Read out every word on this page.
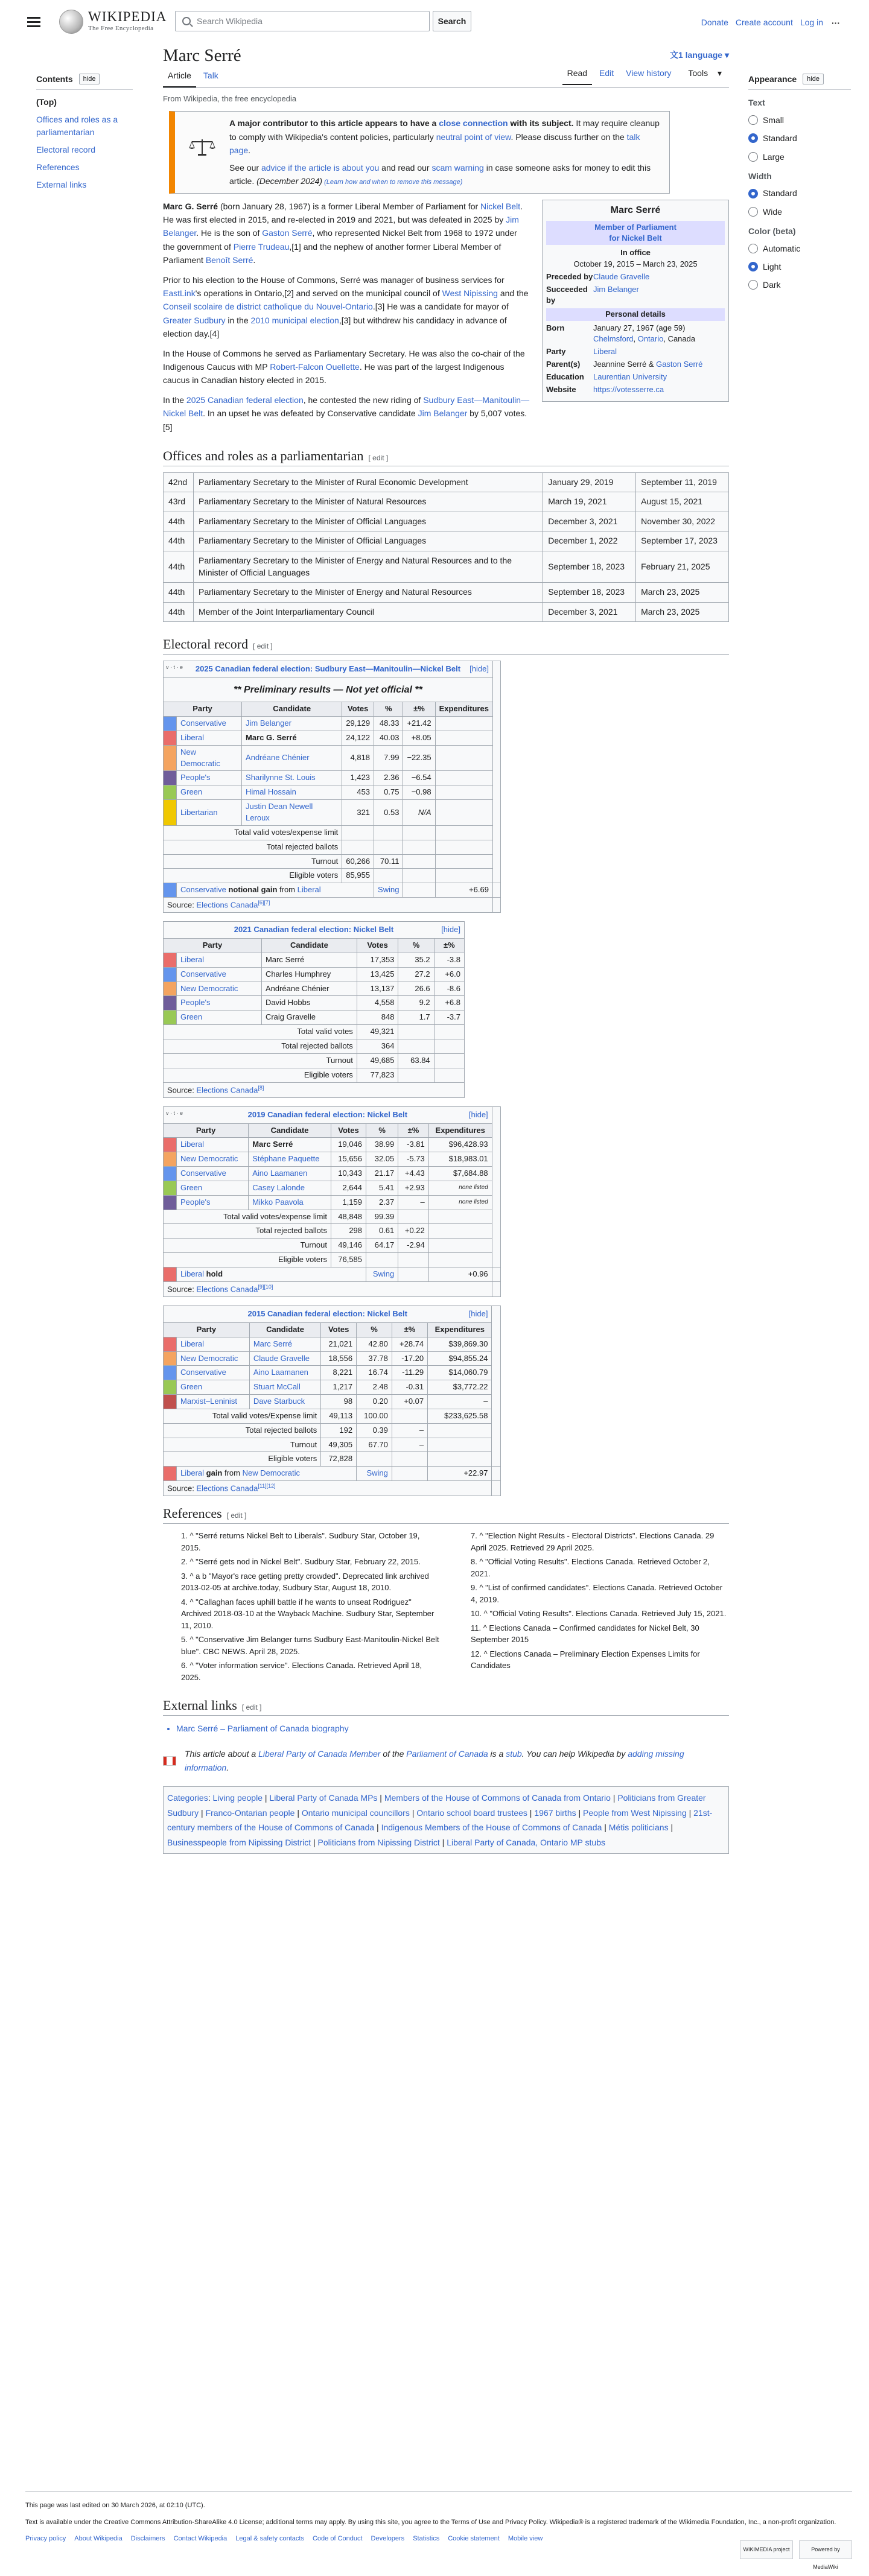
WIKIPEDIA
The Free Encyclopedia
Search Wikipedia	Search	Donate Create account Log in ···
Contents	hide
(Top)
Offices and roles as a parliamentarian
Electoral record
References
External links
Appearance	hide
Text
Small
Standard
Large
Width
Standard
Wide
Color (beta)
Automatic
Light
Dark
Marc Serré	文1 language ▾
Article Talk	Read Edit View history Tools ▾
From Wikipedia, the free encyclopedia
A major contributor to this article appears to have a close connection with its subject. It may require cleanup to comply with Wikipedia's content policies, particularly neutral point of view. Please discuss further on the talk page.
See our advice if the article is about you and read our scam warning in case someone asks for money to edit this article. (December 2024) (Learn how and when to remove this message)
Marc Serré
Member of Parliament
for Nickel Belt
In office
October 19, 2015 – March 23, 2025
Preceded by Claude Gravelle
Succeeded by
Jim Belanger
Personal details
Born	January 27, 1967 (age 59)
Chelmsford, Ontario, Canada
Party	Liberal
Parent(s)	Jeannine Serré & Gaston Serré
Education	Laurentian University
Website	https://votesserre.ca

Marc G. Serré (born January 28, 1967) is a former Liberal Member of Parliament for Nickel Belt. He was first elected in 2015, and re-elected in 2019 and 2021, but was defeated in 2025 by Jim Belanger. He is the son of Gaston Serré, who represented Nickel Belt from 1968 to 1972 under the government of Pierre Trudeau,[1] and the nephew of another former Liberal Member of Parliament Benoît Serré.

Prior to his election to the House of Commons, Serré was manager of business services for EastLink's operations in Ontario,[2] and served on the municipal council of West Nipissing and the Conseil scolaire de district catholique du Nouvel-Ontario.[3] He was a candidate for mayor of Greater Sudbury in the 2010 municipal election,[3] but withdrew his candidacy in advance of election day.[4]

In the House of Commons he served as Parliamentary Secretary. He was also the co-chair of the Indigenous Caucus with MP Robert-Falcon Ouellette. He was part of the largest Indigenous caucus in Canadian history elected in 2015.

In the 2025 Canadian federal election, he contested the new riding of Sudbury East—Manitoulin—Nickel Belt. In an upset he was defeated by Conservative candidate Jim Belanger by 5,007 votes.[5]

Offices and roles as a parliamentarian [ edit ]
42nd	Parliamentary Secretary to the Minister of Rural Economic Development	January 29, 2019	September 11, 2019
43rd	Parliamentary Secretary to the Minister of Natural Resources	March 19, 2021	August 15, 2021
44th	Parliamentary Secretary to the Minister of Official Languages	December 3, 2021	November 30, 2022
44th	Parliamentary Secretary to the Minister of Official Languages	December 1, 2022	September 17, 2023
44th	Parliamentary Secretary to the Minister of Energy and Natural Resources and to the Minister of Official Languages	September 18, 2023	February 21, 2025
44th	Parliamentary Secretary to the Minister of Energy and Natural Resources	September 18, 2023	March 23, 2025
44th	Member of the Joint Interparliamentary Council	December 3, 2021	March 23, 2025
Electoral record [ edit ]
v · t · e 2025 Canadian federal election: Sudbury East—Manitoulin—Nickel Belt [hide]							

** Preliminary results — Not yet official **							
Party		Candidate	Votes	%	±%	Expenditures	
	Conservative	Jim Belanger	29,129	48.33	+21.42		
	Liberal	Marc G. Serré	24,122	40.03	+8.05		
	New Democratic	Andréane Chénier	4,818	7.99	−22.35		
	People's	Sharilynne St. Louis	1,423	2.36	−6.54		
	Green	Himal Hossain	453	0.75	−0.98		
	Libertarian	Justin Dean Newell Leroux	321	0.53	N/A		
Total valid votes/expense limit							
Total rejected ballots							
Turnout			60,266	70.11			
Eligible voters			85,955				
	Conservative notional gain from Liberal			Swing		+6.69	
Source: Elections Canada[6][7]
2021 Canadian federal election: Nickel Belt [hide]					

Party		Candidate	Votes	%	±%
	Liberal	Marc Serré	17,353	35.2	-3.8
	Conservative	Charles Humphrey	13,425	27.2	+6.0
	New Democratic	Andréane Chénier	13,137	26.6	-8.6
	People's	David Hobbs	4,558	9.2	+6.8
	Green	Craig Gravelle	848	1.7	-3.7
Total valid votes			49,321		
Total rejected ballots			364		
Turnout			49,685	63.84	
Eligible voters			77,823		
Source: Elections Canada[8]
v · t · e 2019 Canadian federal election: Nickel Belt [hide]							

Party		Candidate	Votes	%	±%	Expenditures	
	Liberal	Marc Serré	19,046	38.99	-3.81	$96,428.93	
	New Democratic	Stéphane Paquette	15,656	32.05	-5.73	$18,983.01	
	Conservative	Aino Laamanen	10,343	21.17	+4.43	$7,684.88	
	Green	Casey Lalonde	2,644	5.41	+2.93	none listed	
	People's	Mikko Paavola	1,159	2.37	–	none listed	
Total valid votes/expense limit			48,848	99.39			
Total rejected ballots			298	0.61	+0.22		
Turnout			49,146	64.17	-2.94		
Eligible voters			76,585				
	Liberal hold			Swing		+0.96	
Source: Elections Canada[9][10]
2015 Canadian federal election: Nickel Belt [hide]							

Party		Candidate	Votes	%	±%	Expenditures	
	Liberal	Marc Serré	21,021	42.80	+28.74	$39,869.30	
	New Democratic	Claude Gravelle	18,556	37.78	-17.20	$94,855.24	
	Conservative	Aino Laamanen	8,221	16.74	-11.29	$14,060.79	
	Green	Stuart McCall	1,217	2.48	-0.31	$3,772.22	
	Marxist–Leninist	Dave Starbuck	98	0.20	+0.07	–	
Total valid votes/Expense limit			49,113	100.00		$233,625.58	
Total rejected ballots			192	0.39	–		
Turnout			49,305	67.70	–		
Eligible voters			72,828				
	Liberal gain from New Democratic			Swing		+22.97	
Source: Elections Canada[11][12]
References [ edit ]
1. ^ "Serré returns Nickel Belt to Liberals". Sudbury Star, October 19, 2015.
2. ^ "Serré gets nod in Nickel Belt". Sudbury Star, February 22, 2015.
3. ^ a b "Mayor's race getting pretty crowded". Deprecated link archived 2013-02-05 at archive.today, Sudbury Star, August 18, 2010.
4. ^ "Callaghan faces uphill battle if he wants to unseat Rodriguez" Archived 2018-03-10 at the Wayback Machine. Sudbury Star, September 11, 2010.
5. ^ "Conservative Jim Belanger turns Sudbury East-Manitoulin-Nickel Belt blue". CBC NEWS. April 28, 2025.
6. ^ "Voter information service". Elections Canada. Retrieved April 18, 2025.
7. ^ "Election Night Results - Electoral Districts". Elections Canada. 29 April 2025. Retrieved 29 April 2025.
8. ^ "Official Voting Results". Elections Canada. Retrieved October 2, 2021.
9. ^ "List of confirmed candidates". Elections Canada. Retrieved October 4, 2019.
10. ^ "Official Voting Results". Elections Canada. Retrieved July 15, 2021.
11. ^ Elections Canada – Confirmed candidates for Nickel Belt, 30 September 2015
12. ^ Elections Canada – Preliminary Election Expenses Limits for Candidates
External links [ edit ]
• Marc Serré – Parliament of Canada biography
This article about a Liberal Party of Canada Member of the Parliament of Canada is a stub. You can help Wikipedia by adding missing information.
Categories: Living people | Liberal Party of Canada MPs | Members of the House of Commons of Canada from Ontario | Politicians from Greater Sudbury | Franco-Ontarian people | Ontario municipal councillors | Ontario school board trustees | 1967 births | People from West Nipissing | 21st-century members of the House of Commons of Canada | Indigenous Members of the House of Commons of Canada | Métis politicians | Businesspeople from Nipissing District | Politicians from Nipissing District | Liberal Party of Canada, Ontario MP stubs
This page was last edited on 30 March 2026, at 02:10 (UTC).
Text is available under the Creative Commons Attribution-ShareAlike 4.0 License; additional terms may apply. By using this site, you agree to the Terms of Use and Privacy Policy. Wikipedia® is a registered trademark of the Wikimedia Foundation, Inc., a non-profit organization.
Privacy policy About Wikipedia Disclaimers Contact Wikipedia Legal & safety contacts Code of Conduct Developers Statistics Cookie statement Mobile view
WIKIMEDIA project	Powered by MediaWiki
